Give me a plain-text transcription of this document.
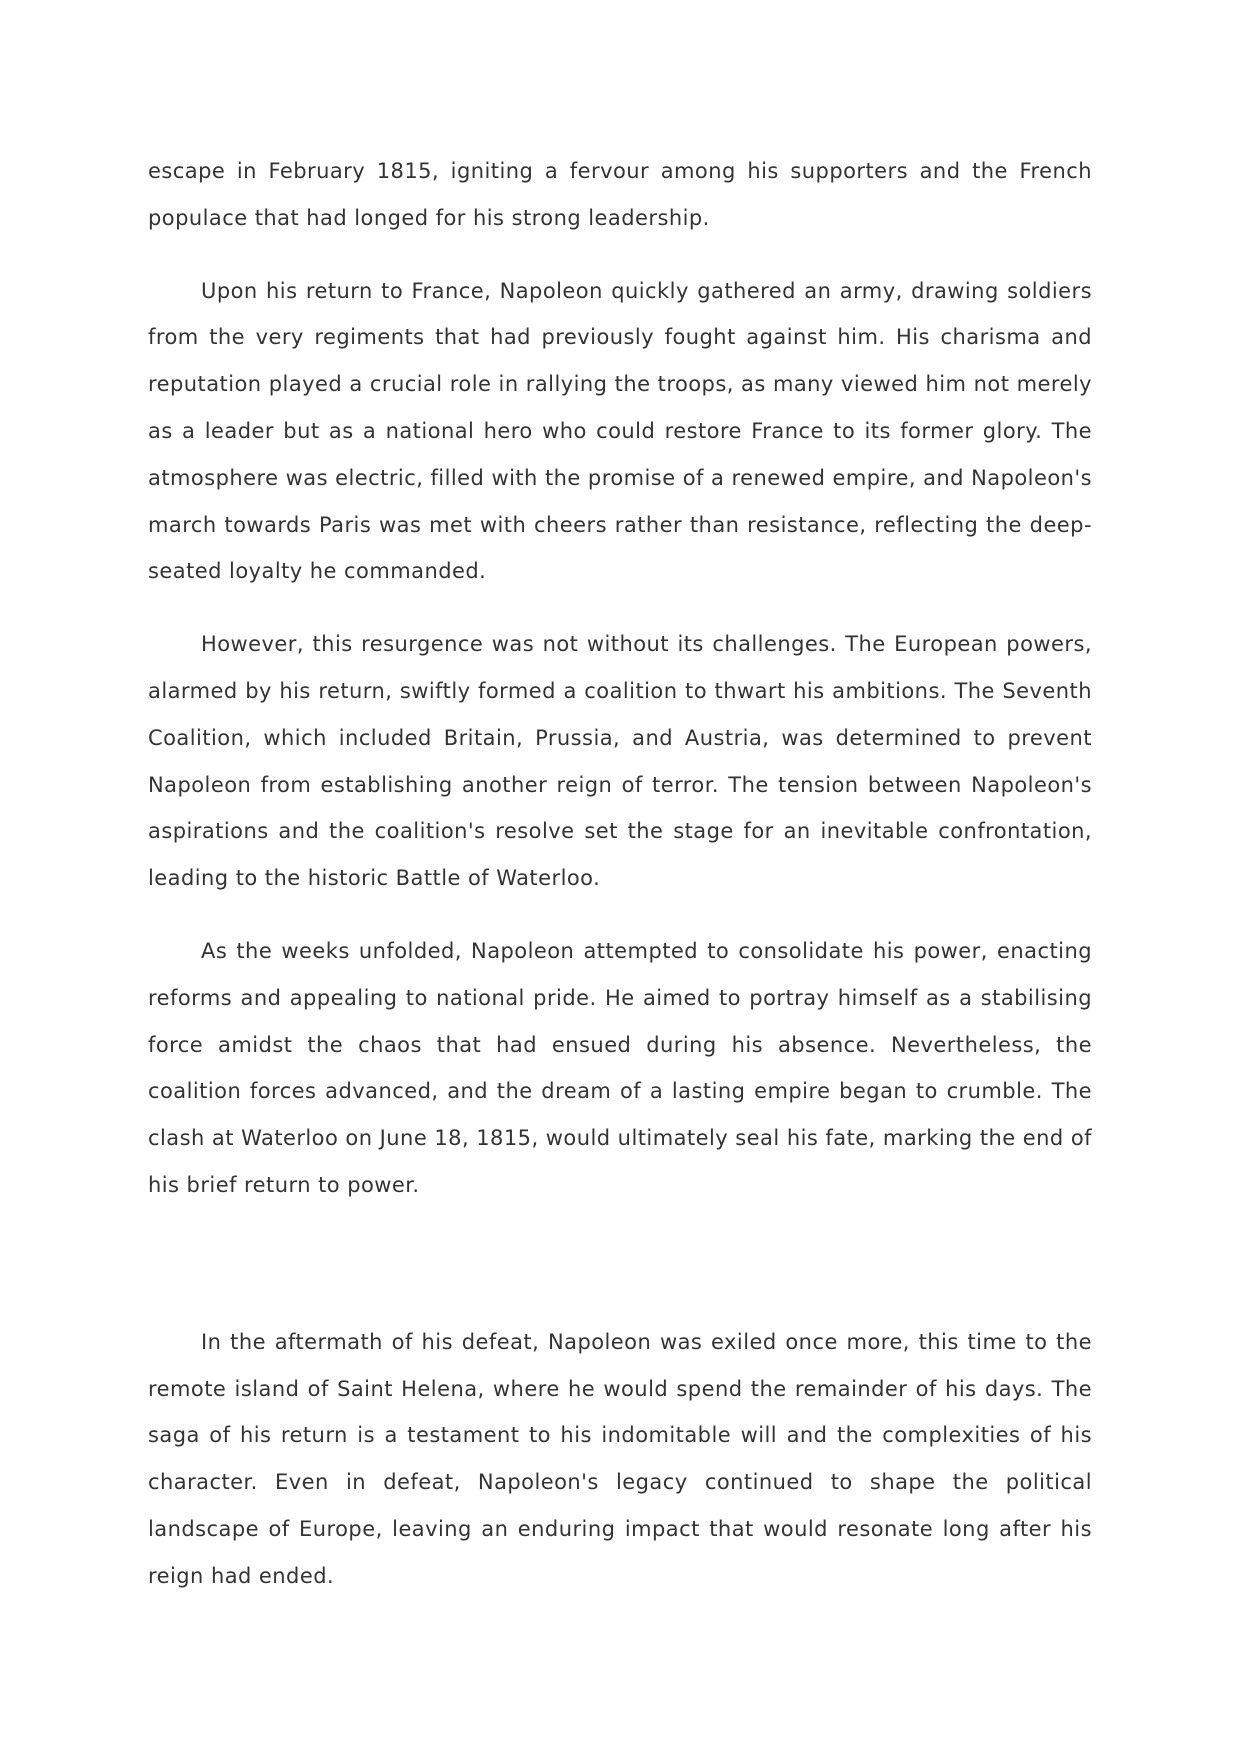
escape in February 1815, igniting a fervour among his supporters and the French populace that had longed for his strong leadership.

Upon his return to France, Napoleon quickly gathered an army, drawing soldiers from the very regiments that had previously fought against him. His charisma and reputation played a crucial role in rallying the troops, as many viewed him not merely as a leader but as a national hero who could restore France to its former glory. The atmosphere was electric, filled with the promise of a renewed empire, and Napoleon's march towards Paris was met with cheers rather than resistance, reflecting the deep-seated loyalty he commanded.

However, this resurgence was not without its challenges. The European powers, alarmed by his return, swiftly formed a coalition to thwart his ambitions. The Seventh Coalition, which included Britain, Prussia, and Austria, was determined to prevent Napoleon from establishing another reign of terror. The tension between Napoleon's aspirations and the coalition's resolve set the stage for an inevitable confrontation, leading to the historic Battle of Waterloo.

As the weeks unfolded, Napoleon attempted to consolidate his power, enacting reforms and appealing to national pride. He aimed to portray himself as a stabilising force amidst the chaos that had ensued during his absence. Nevertheless, the coalition forces advanced, and the dream of a lasting empire began to crumble. The clash at Waterloo on June 18, 1815, would ultimately seal his fate, marking the end of his brief return to power.

In the aftermath of his defeat, Napoleon was exiled once more, this time to the remote island of Saint Helena, where he would spend the remainder of his days. The saga of his return is a testament to his indomitable will and the complexities of his character. Even in defeat, Napoleon's legacy continued to shape the political landscape of Europe, leaving an enduring impact that would resonate long after his reign had ended.
